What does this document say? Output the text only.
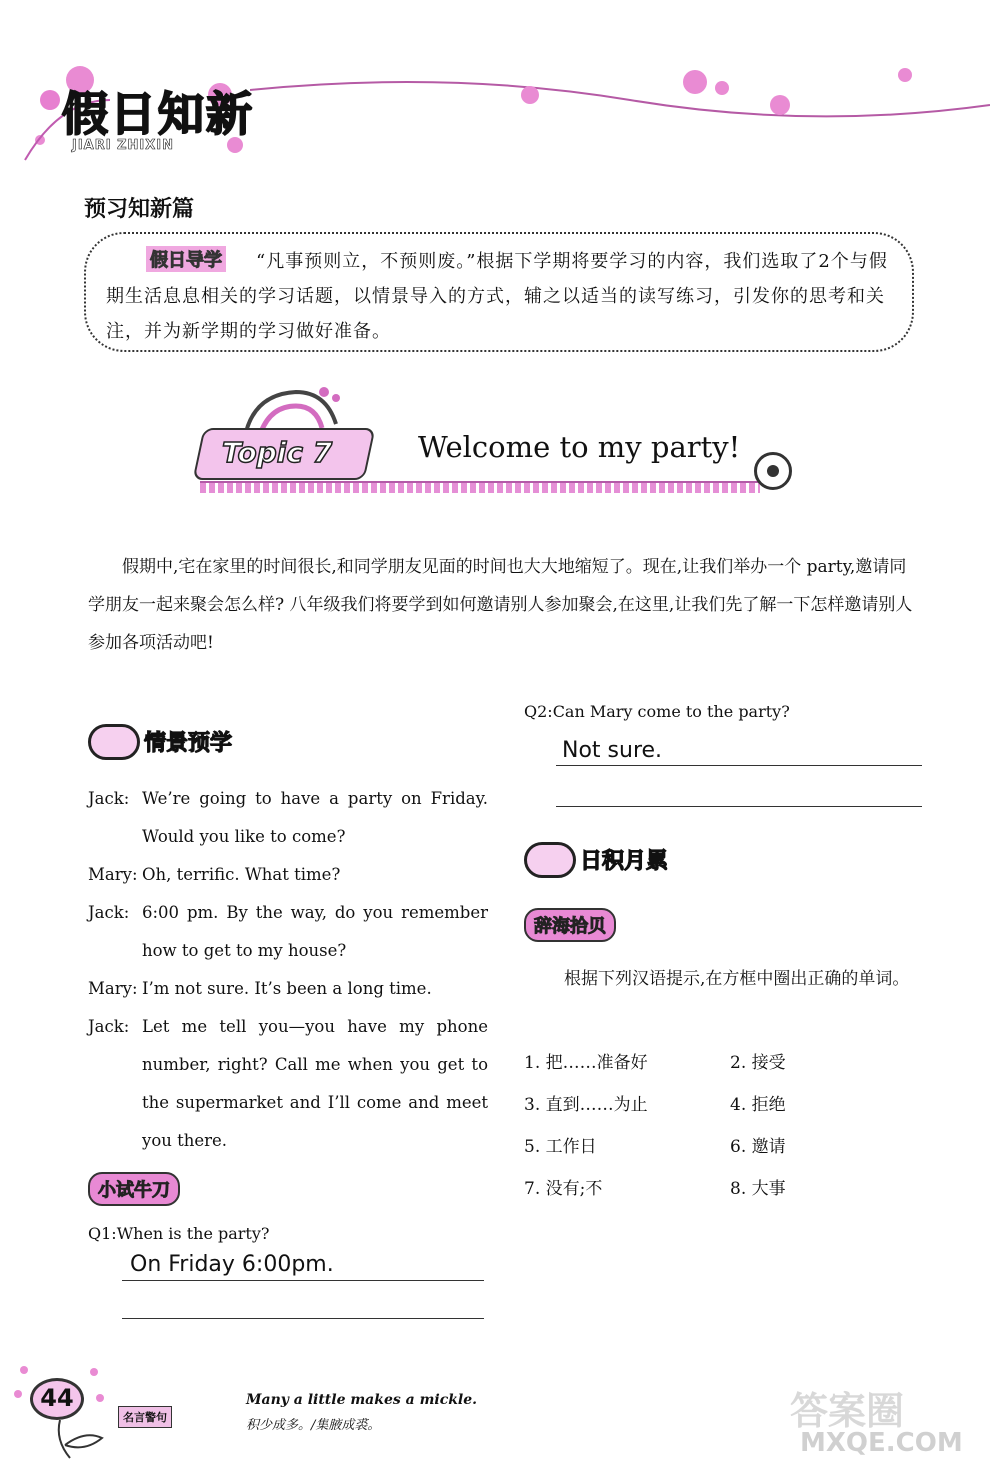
假日知新
JIARI ZHIXIN
预习知新篇
“凡事预则立，不预则废。”根据下学期将要学习的内容，我们选取了2个与假期生活息息相关的学习话题，以情景导入的方式，辅之以适当的读写练习，引发你的思考和关注，并为新学期的学习做好准备。
假日导学
Topic 7	Welcome to my party!
假期中,宅在家里的时间很长,和同学朋友见面的时间也大大地缩短了。现在,让我们举办一个 party,邀请同学朋友一起来聚会怎么样? 八年级我们将要学到如何邀请别人参加聚会,在这里,让我们先了解一下怎样邀请别人参加各项活动吧!
情景预学
Jack: We’re going to have a party on Friday. Would you like to come?
Mary: Oh, terrific. What time?
Jack: 6:00 pm. By the way, do you remember how to get to my house?
Mary: I’m not sure. It’s been a long time.
Jack: Let me tell you—you have my phone number, right? Call me when you get to the supermarket and I’ll come and meet you there.
小试牛刀
Q1:When is the party?
On Friday 6:00pm.
Q2:Can Mary come to the party?
Not sure.
日积月累
辞海拾贝
根据下列汉语提示,在方框中圈出正确的单词。
1. 把……准备好	2. 接受
3. 直到……为止	4. 拒绝
5. 工作日	6. 邀请
7. 没有;不	8. 大事
44
名言警句
Many a little makes a mickle.
积少成多。/集腋成裘。	答案圈
MXQE.COM
